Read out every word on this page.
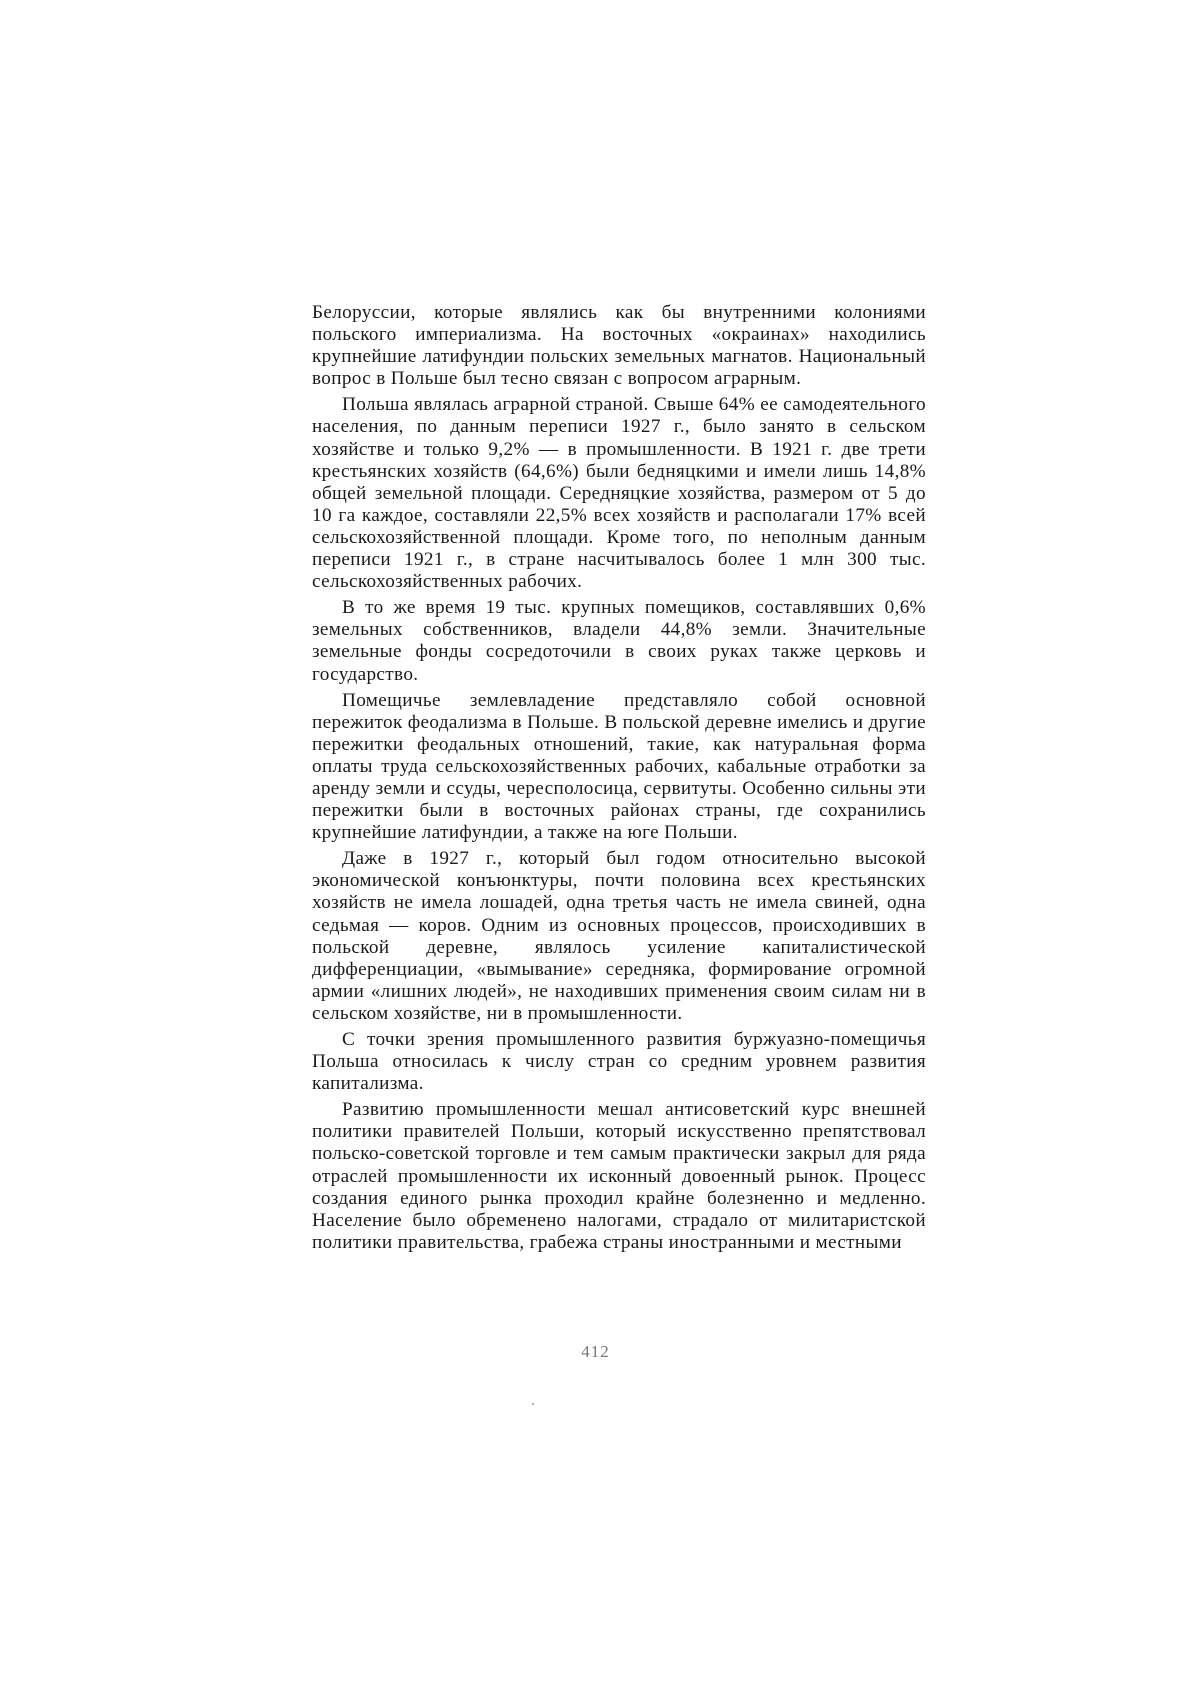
Белоруссии, которые являлись как бы внутренними колониями польского империализма. На восточных «окраинах» находились крупнейшие латифундии польских земельных магнатов. Национальный вопрос в Польше был тесно связан с вопросом аграрным.

Польша являлась аграрной страной. Свыше 64% ее самодеятельного населения, по данным переписи 1927 г., было занято в сельском хозяйстве и только 9,2% — в промышленности. В 1921 г. две трети крестьянских хозяйств (64,6%) были бедняцкими и имели лишь 14,8% общей земельной площади. Середняцкие хозяйства, размером от 5 до 10 га каждое, составляли 22,5% всех хозяйств и располагали 17% всей сельскохозяйственной площади. Кроме того, по неполным данным переписи 1921 г., в стране насчитывалось более 1 млн 300 тыс. сельскохозяйственных рабочих.

В то же время 19 тыс. крупных помещиков, составлявших 0,6% земельных собственников, владели 44,8% земли. Значительные земельные фонды сосредоточили в своих руках также церковь и государство.

Помещичье землевладение представляло собой основной пережиток феодализма в Польше. В польской деревне имелись и другие пережитки феодальных отношений, такие, как натуральная форма оплаты труда сельскохозяйственных рабочих, кабальные отработки за аренду земли и ссуды, чересполосица, сервитуты. Особенно сильны эти пережитки были в восточных районах страны, где сохранились крупнейшие латифундии, а также на юге Польши.

Даже в 1927 г., который был годом относительно высокой экономической конъюнктуры, почти половина всех крестьянских хозяйств не имела лошадей, одна третья часть не имела свиней, одна седьмая — коров. Одним из основных процессов, происходивших в польской деревне, являлось усиление капиталистической дифференциации, «вымывание» середняка, формирование огромной армии «лишних людей», не находивших применения своим силам ни в сельском хозяйстве, ни в промышленности.

С точки зрения промышленного развития буржуазно-помещичья Польша относилась к числу стран со средним уровнем развития капитализма.

Развитию промышленности мешал антисоветский курс внешней политики правителей Польши, который искусственно препятствовал польско-советской торговле и тем самым практически закрыл для ряда отраслей промышленности их исконный довоенный рынок. Процесс создания единого рынка проходил крайне болезненно и медленно. Население было обременено налогами, страдало от милитаристской политики правительства, грабежа страны иностранными и местными

412
